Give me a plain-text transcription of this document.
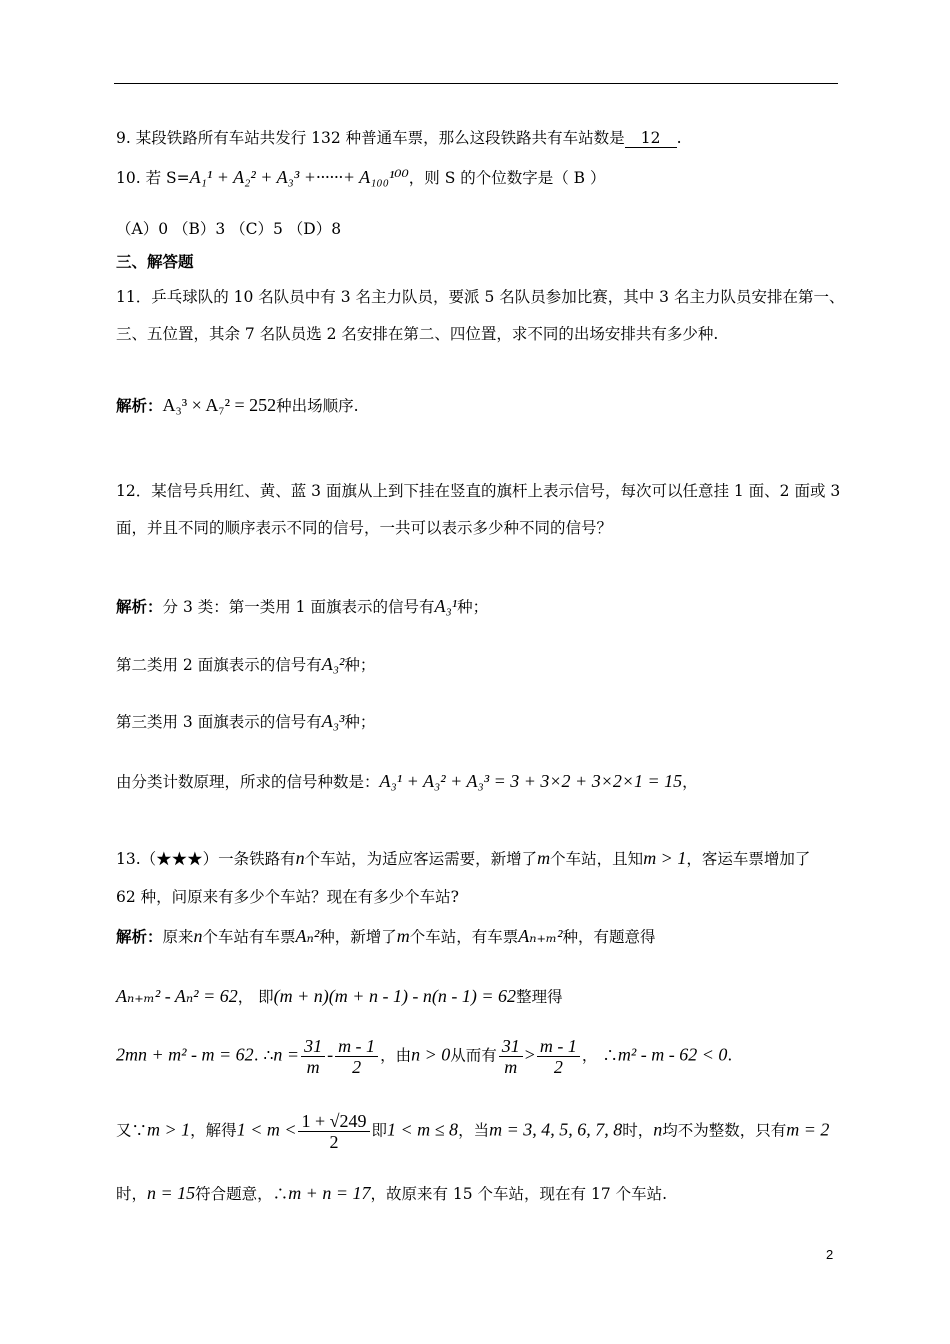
9. 某段铁路所有车站共发行 132 种普通车票，那么这段铁路共有车站数是 12 .
10. 若 S=A₁¹ + A₂² + A₃³ +······+ A₁₀₀¹⁰⁰，则 S 的个位数字是（ B ）
（A）0 （B）3 （C）5 （D）8
三、解答题
11．乒乓球队的 10 名队员中有 3 名主力队员，要派 5 名队员参加比赛，其中 3 名主力队员安排在第一、
三、五位置，其余 7 名队员选 2 名安排在第二、四位置，求不同的出场安排共有多少种.
解析：A₃³ × A₇² = 252种出场顺序.
12．某信号兵用红、黄、蓝 3 面旗从上到下挂在竖直的旗杆上表示信号，每次可以任意挂 1 面、2 面或 3
面，并且不同的顺序表示不同的信号，一共可以表示多少种不同的信号？
解析：分 3 类：第一类用 1 面旗表示的信号有A₃¹种；
第二类用 2 面旗表示的信号有A₃²种；
第三类用 3 面旗表示的信号有A₃³种；
由分类计数原理，所求的信号种数是：A₃¹ + A₃² + A₃³ = 3 + 3×2 + 3×2×1 = 15，
13.（★★★）一条铁路有n个车站，为适应客运需要，新增了m个车站，且知m > 1，客运车票增加了
62 种，问原来有多少个车站？现在有多少个车站?
解析：原来n个车站有车票Aₙ²种，新增了m个车站，有车票Aₙ₊ₘ²种，有题意得
Aₙ₊ₘ² - Aₙ² = 62， 即(m + n)(m + n - 1) - n(n - 1) = 62整理得
2mn + m² - m = 62. ∴n = $\frac{31}{m} - \frac{m - 1}{2}$ ，由n > 0从而有 $\frac{31}{m} > \frac{m - 1}{2}$ ， ∴m² - m - 62 < 0.
又∵m > 1，解得$1 < m < \frac{1 + √249}{2}$ 即1 < m ≤ 8，当m = 3, 4, 5, 6, 7, 8时，n均不为整数，只有m = 2
时，n = 15符合题意，∴m + n = 17，故原来有 15 个车站，现在有 17 个车站.
2
